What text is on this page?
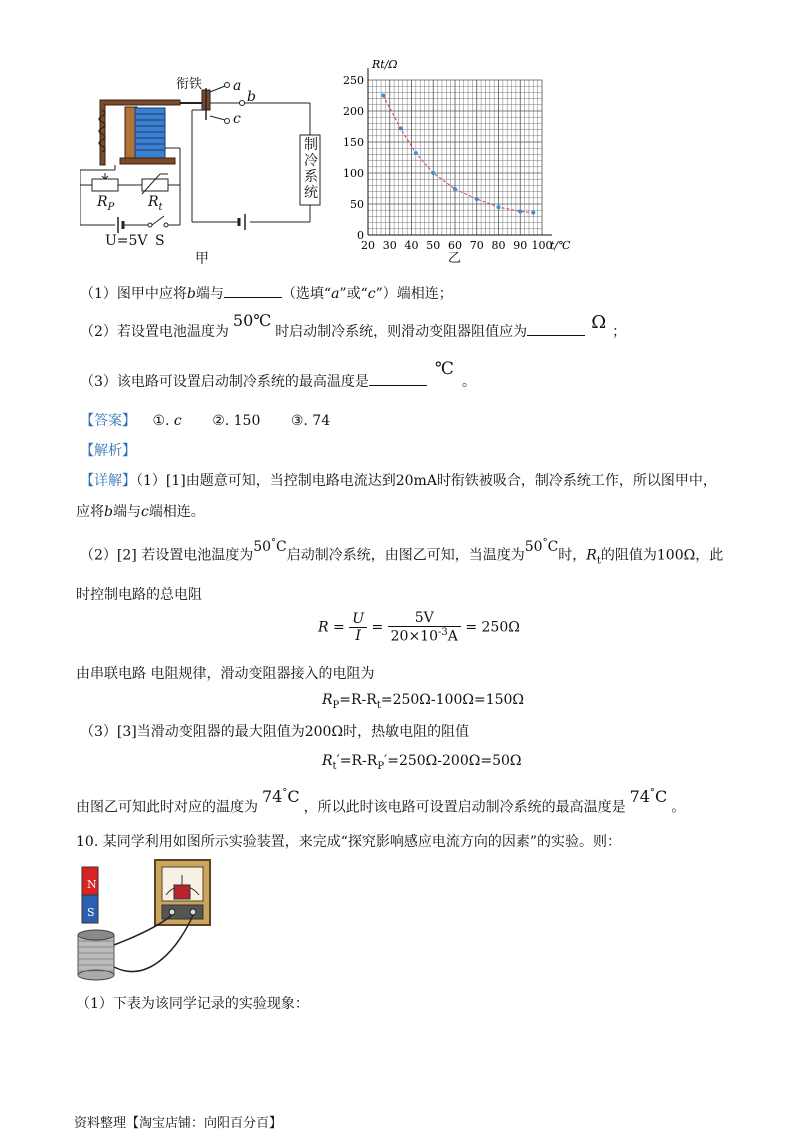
衔铁 a
b
c
制冷系统
$R_P$ $R_t$
U=5V S
甲
20 30 40 50 60 70 80 90 100
0
50
100
150
200
250
Rt/Ω
t/℃
乙
（1）图甲中应将b端与	（选填“a”或“c”）端相连；
（2）若设置电池温度为50℃时启动制冷系统，则滑动变阻器阻值应为	Ω ；
（3）该电路可设置启动制冷系统的最高温度是℃。
【答案】 ①. c ②. 150 ③. 74
【解析】
【详解】（1）[1]由题意可知，当控制电路电流达到20mA时衔铁被吸合，制冷系统工作，所以图甲中，
应将b端与c端相连。
（2）[2] 若设置电池温度为50°C启动制冷系统，由图乙可知，当温度为50°C时，$R_t$的阻值为100Ω，此
时控制电路的总电阻
$R = \frac{U}{I} = \frac{5V}{20\times 10^{-3}A} = 250\Omega$
由串联电路 电阻规律，滑动变阻器接入的电阻为
$R_P=R-R_t=250\Omega-100\Omega=150\Omega$
（3）[3]当滑动变阻器的最大阻值为200Ω时，热敏电阻的阻值
$R_t'=R-R_P'=250\Omega-200\Omega=50\Omega$
由图乙可知此时对应的温度为74°C，所以此时该电路可设置启动制冷系统的最高温度是74°C。
10. 某同学利用如图所示实验装置，来完成“探究影响感应电流方向的因素”的实验。则：
N
S
（1）下表为该同学记录的实验现象：
资料整理【淘宝店铺：向阳百分百】
